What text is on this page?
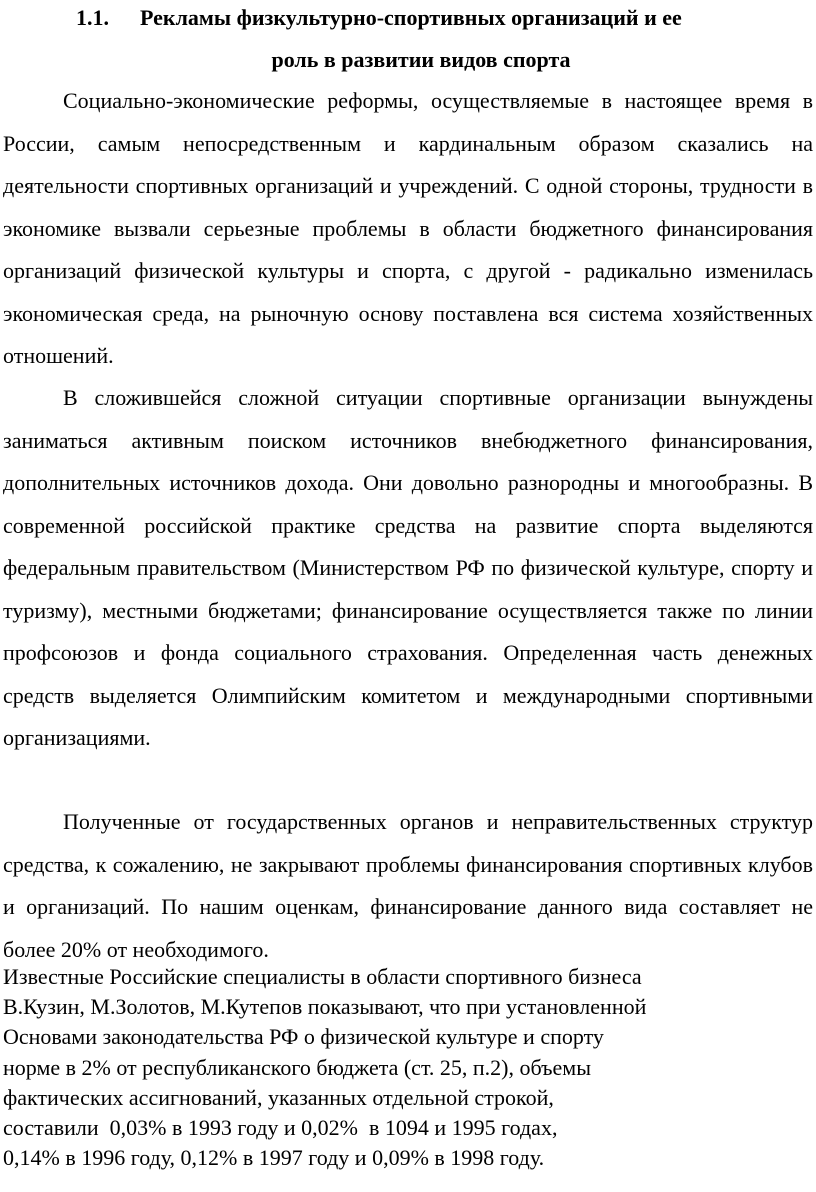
1.1. Рекламы физкультурно-спортивных организаций и ее
роль в развитии видов спорта

Социально-экономические реформы, осуществляемые в настоящее время в России, самым непосредственным и кардинальным образом сказались на деятельности спортивных организаций и учреждений. С одной стороны, трудности в экономике вызвали серьезные проблемы в области бюджетного финансирования организаций физической культуры и спорта, с другой - радикально изменилась экономическая среда, на рыночную основу поставлена вся система хозяйственных отношений.

В сложившейся сложной ситуации спортивные организации вынуждены заниматься активным поиском источников внебюджетного финансирования, дополнительных источников дохода. Они довольно разнородны и многообразны. В современной российской практике средства на развитие спорта выделяются федеральным правительством (Министерством РФ по физической культуре, спорту и туризму), местными бюджетами; финансирование осуществляется также по линии профсоюзов и фонда социального страхования. Определенная часть денежных средств выделяется Олимпийским комитетом и международными спортивными организациями.

Полученные от государственных органов и неправительственных структур средства, к сожалению, не закрывают проблемы финансирования спортивных клубов и организаций. По нашим оценкам, финансирование данного вида составляет не более 20% от необходимого.

Известные Российские специалисты в области спортивного бизнеса
В.Кузин, М.Золотов, М.Кутепов показывают, что при установленной
Основами законодательства РФ о физической культуре и спорту
норме в 2% от республиканского бюджета (ст. 25, п.2), объемы
фактических ассигнований, указанных отдельной строкой,
составили  0,03% в 1993 году и 0,02%  в 1094 и 1995 годах,
0,14% в 1996 году, 0,12% в 1997 году и 0,09% в 1998 году.
